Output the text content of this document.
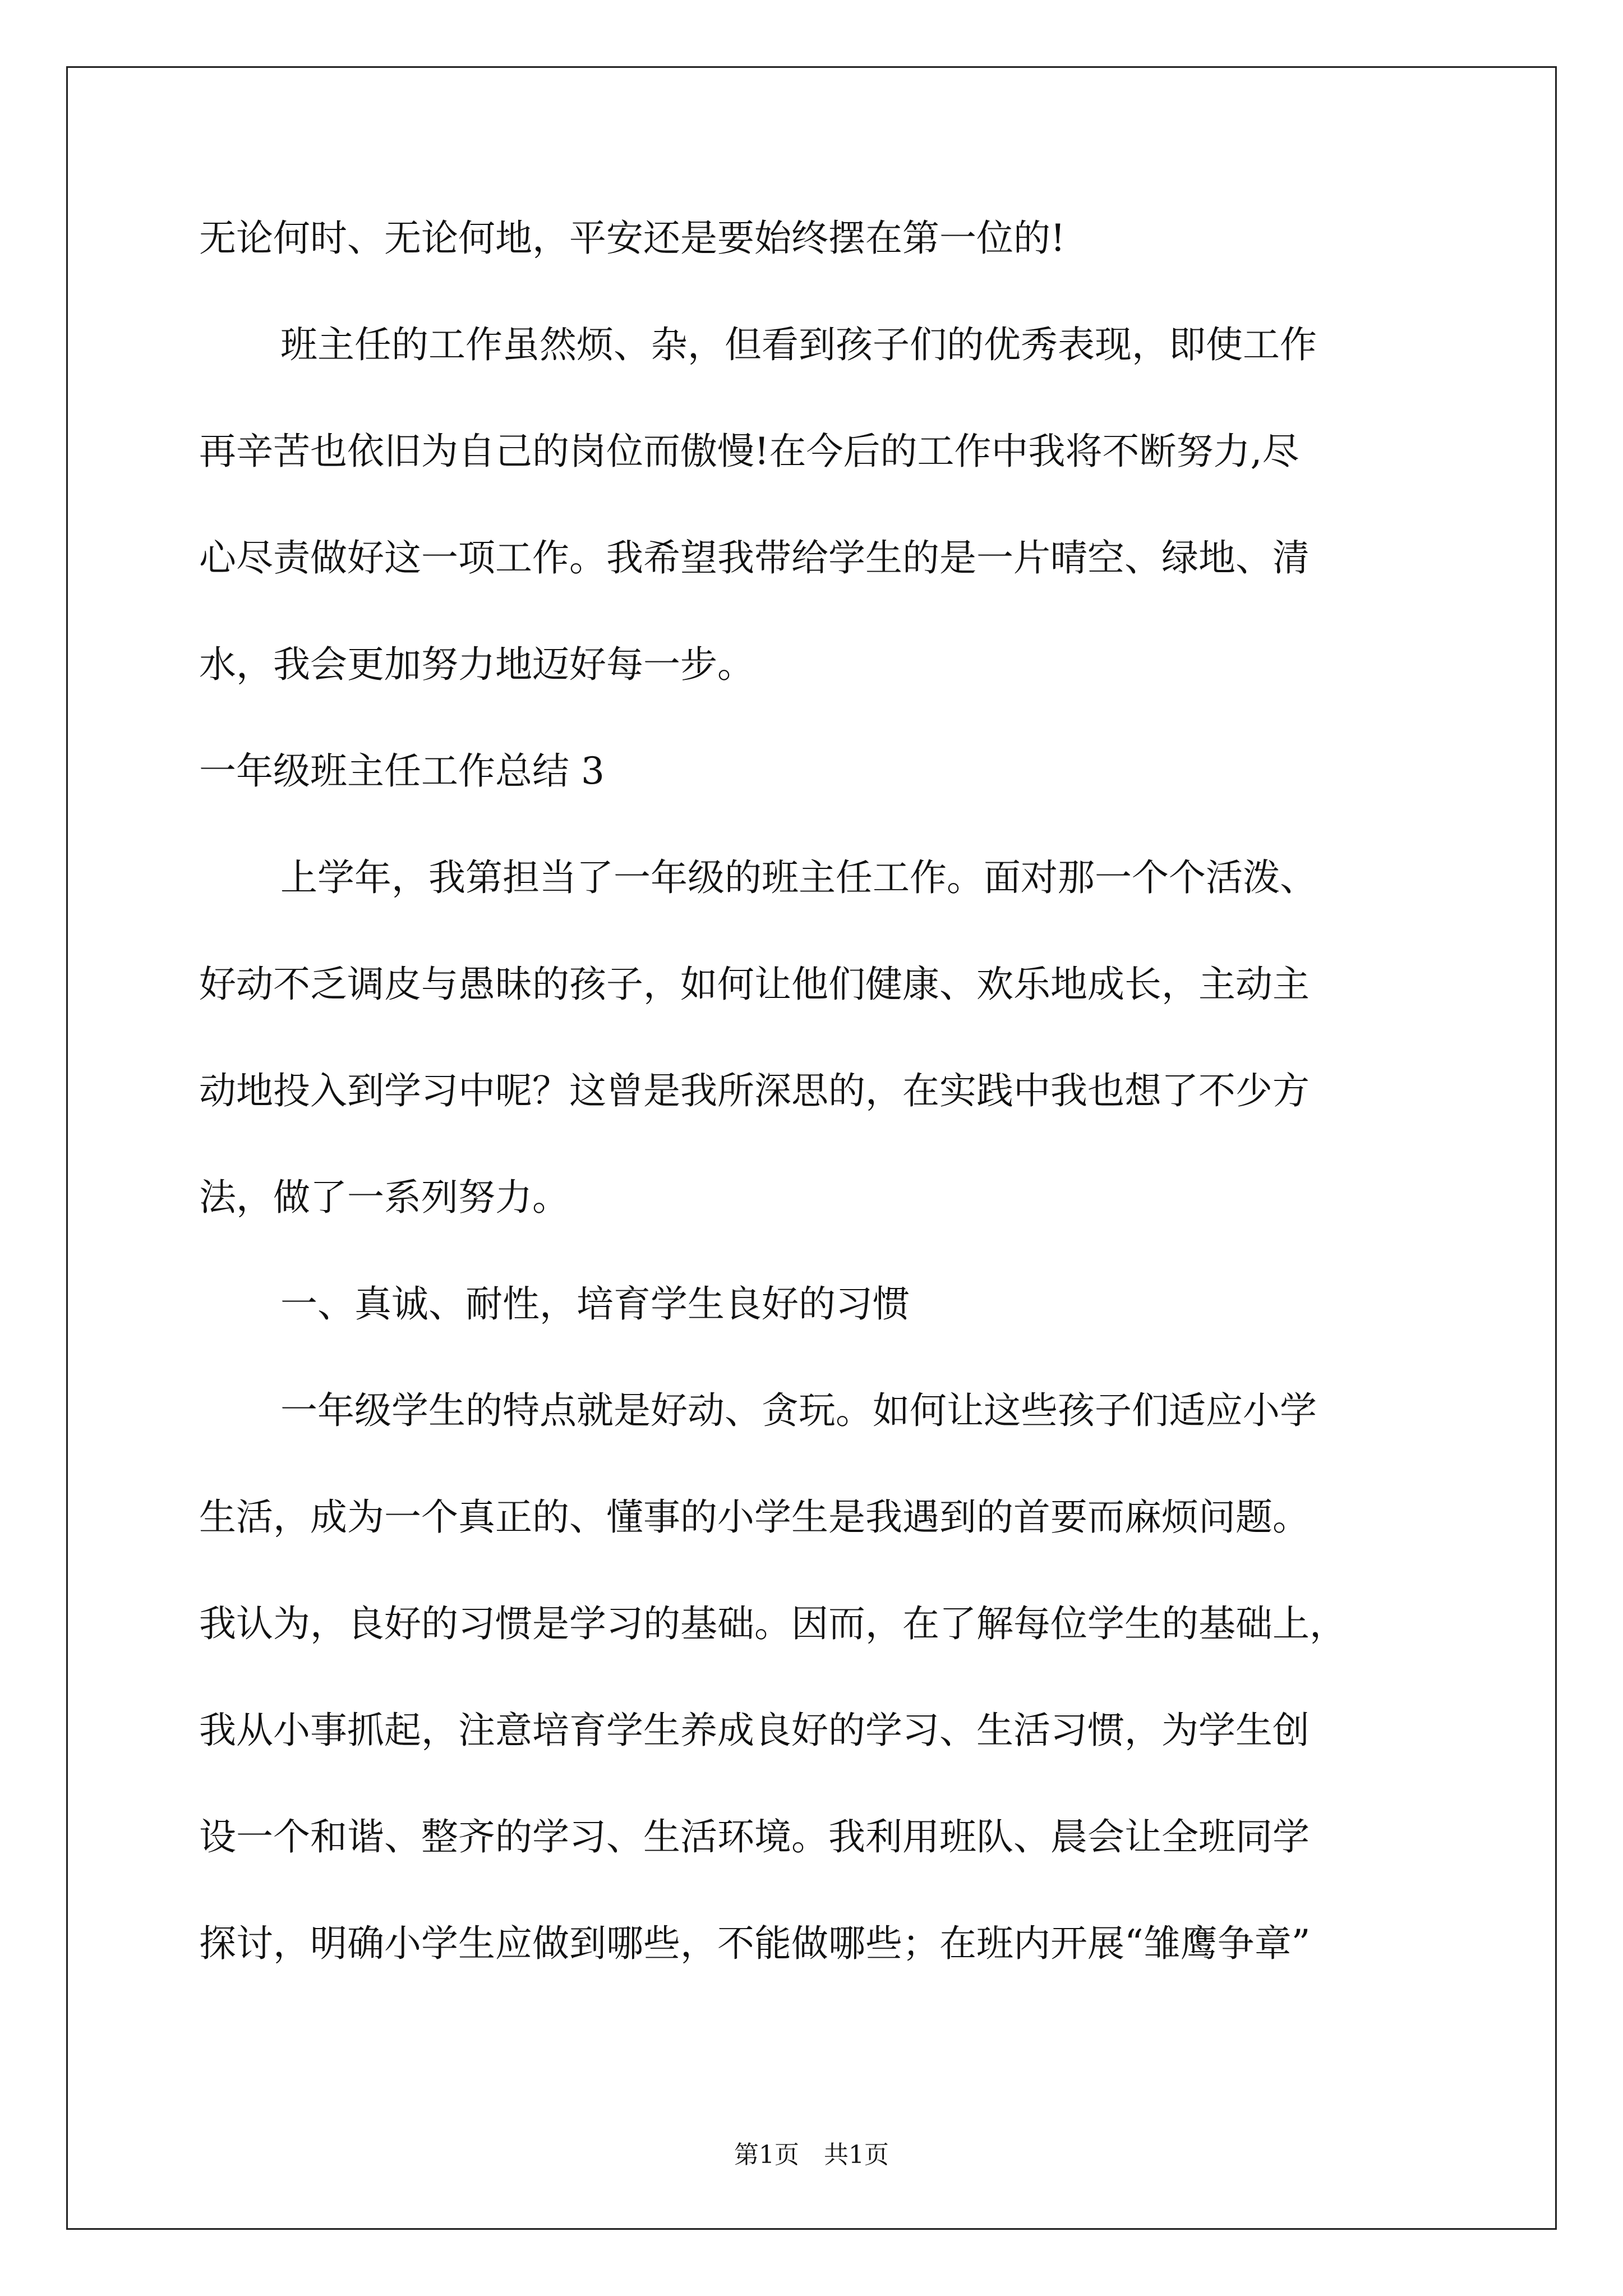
无论何时、无论何地，平安还是要始终摆在第一位的!
班主任的工作虽然烦、杂，但看到孩子们的优秀表现，即使工作
再辛苦也依旧为自己的岗位而傲慢!在今后的工作中我将不断努力,尽
心尽责做好这一项工作。我希望我带给学生的是一片晴空、绿地、清
水，我会更加努力地迈好每一步。
一年级班主任工作总结 3
上学年，我第担当了一年级的班主任工作。面对那一个个活泼、
好动不乏调皮与愚昧的孩子，如何让他们健康、欢乐地成长，主动主
动地投入到学习中呢？这曾是我所深思的，在实践中我也想了不少方
法，做了一系列努力。
一、真诚、耐性，培育学生良好的习惯
一年级学生的特点就是好动、贪玩。如何让这些孩子们适应小学
生活，成为一个真正的、懂事的小学生是我遇到的首要而麻烦问题。
我认为，良好的习惯是学习的基础。因而，在了解每位学生的基础上，
我从小事抓起，注意培育学生养成良好的学习、生活习惯，为学生创
设一个和谐、整齐的学习、生活环境。我利用班队、晨会让全班同学
探讨，明确小学生应做到哪些，不能做哪些；在班内开展“雏鹰争章”
第1页　共1页
